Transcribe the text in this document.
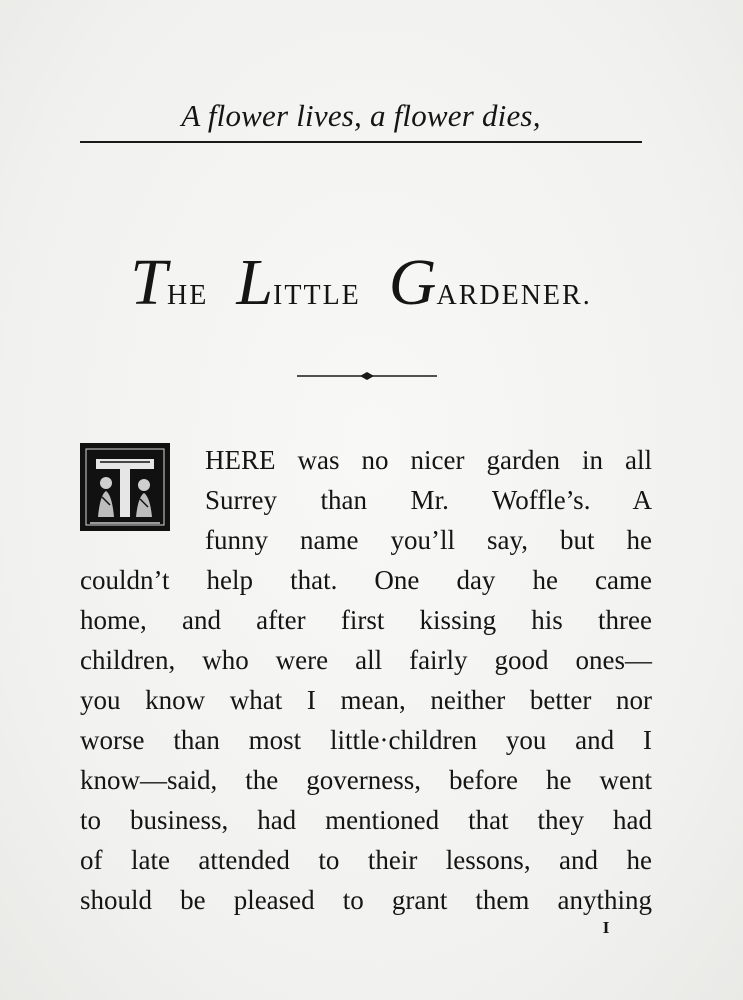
A flower lives, a flower dies,
THE LITTLE GARDENER.
HERE was no nicer garden in all
Surrey than Mr. Woffle’s. A
funny name you’ll say, but he
couldn’t help that. One day he came
home, and after first kissing his three
children, who were all fairly good ones—
you know what I mean, neither better nor
worse than most little·children you and I
know—said, the governess, before he went
to business, had mentioned that they had
of late attended to their lessons, and he
should be pleased to grant them anything
I
